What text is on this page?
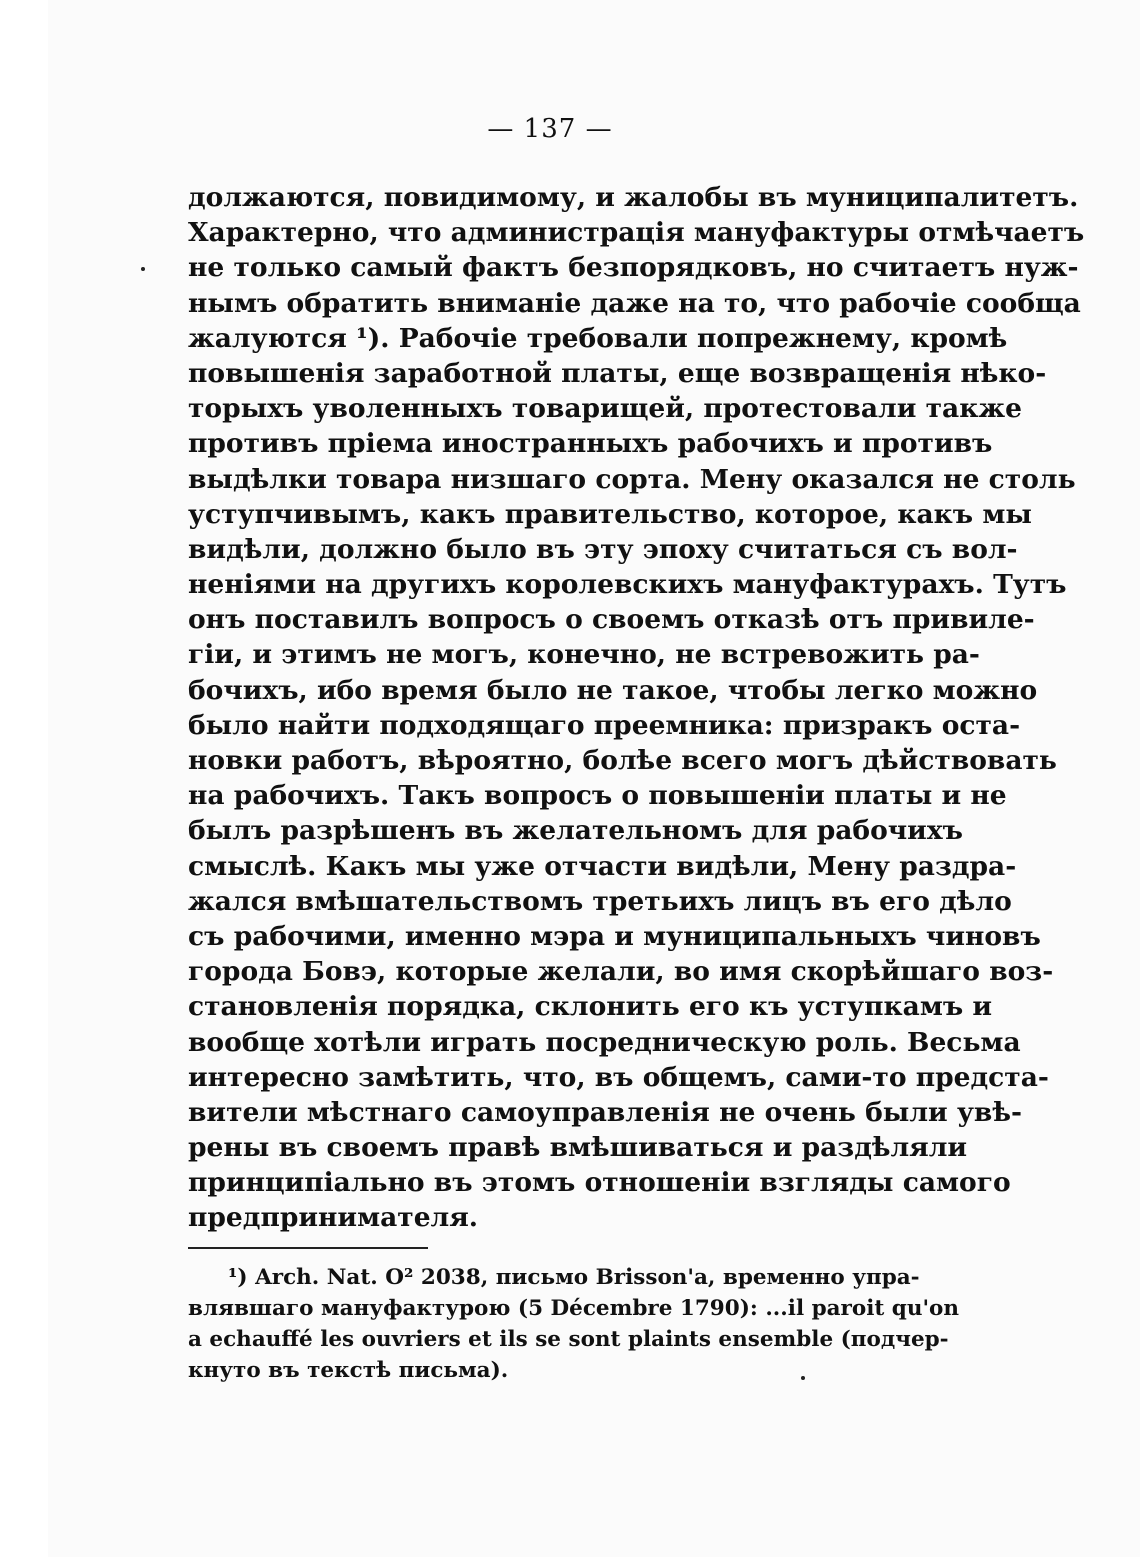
— 137 —
должаются, повидимому, и жалобы въ муниципалитетъ.
Характерно, что администрація мануфактуры отмѣчаетъ
не только самый фактъ безпорядковъ, но считаетъ нуж-
нымъ обратить вниманіе даже на то, что рабочіе сообща
жалуются ¹). Рабочіе требовали попрежнему, кромѣ
повышенія заработной платы, еще возвращенія нѣко-
торыхъ уволенныхъ товарищей, протестовали также
противъ пріема иностранныхъ рабочихъ и противъ
выдѣлки товара низшаго сорта. Мену оказался не столь
уступчивымъ, какъ правительство, которое, какъ мы
видѣли, должно было въ эту эпоху считаться съ вол-
неніями на другихъ королевскихъ мануфактурахъ. Тутъ
онъ поставилъ вопросъ о своемъ отказѣ отъ привиле-
гіи, и этимъ не могъ, конечно, не встревожить ра-
бочихъ, ибо время было не такое, чтобы легко можно
было найти подходящаго преемника: призракъ оста-
новки работъ, вѣроятно, болѣе всего могъ дѣйствовать
на рабочихъ. Такъ вопросъ о повышеніи платы и не
былъ разрѣшенъ въ желательномъ для рабочихъ
смыслѣ. Какъ мы уже отчасти видѣли, Мену раздра-
жался вмѣшательствомъ третьихъ лицъ въ его дѣло
съ рабочими, именно мэра и муниципальныхъ чиновъ
города Бовэ, которые желали, во имя скорѣйшаго воз-
становленія порядка, склонить его къ уступкамъ и
вообще хотѣли играть посредническую роль. Весьма
интересно замѣтить, что, въ общемъ, сами-то предста-
вители мѣстнаго самоуправленія не очень были увѣ-
рены въ своемъ правѣ вмѣшиваться и раздѣляли
принципіально въ этомъ отношеніи взгляды самого
предпринимателя.
¹) Arch. Nat. O² 2038, письмо Brisson'a, временно упра-
влявшаго мануфактурою (5 Décembre 1790): ...il paroit qu'on
a echauffé les ouvriers et ils se sont plaints ensemble (подчер-
кнуто въ текстѣ письма).
